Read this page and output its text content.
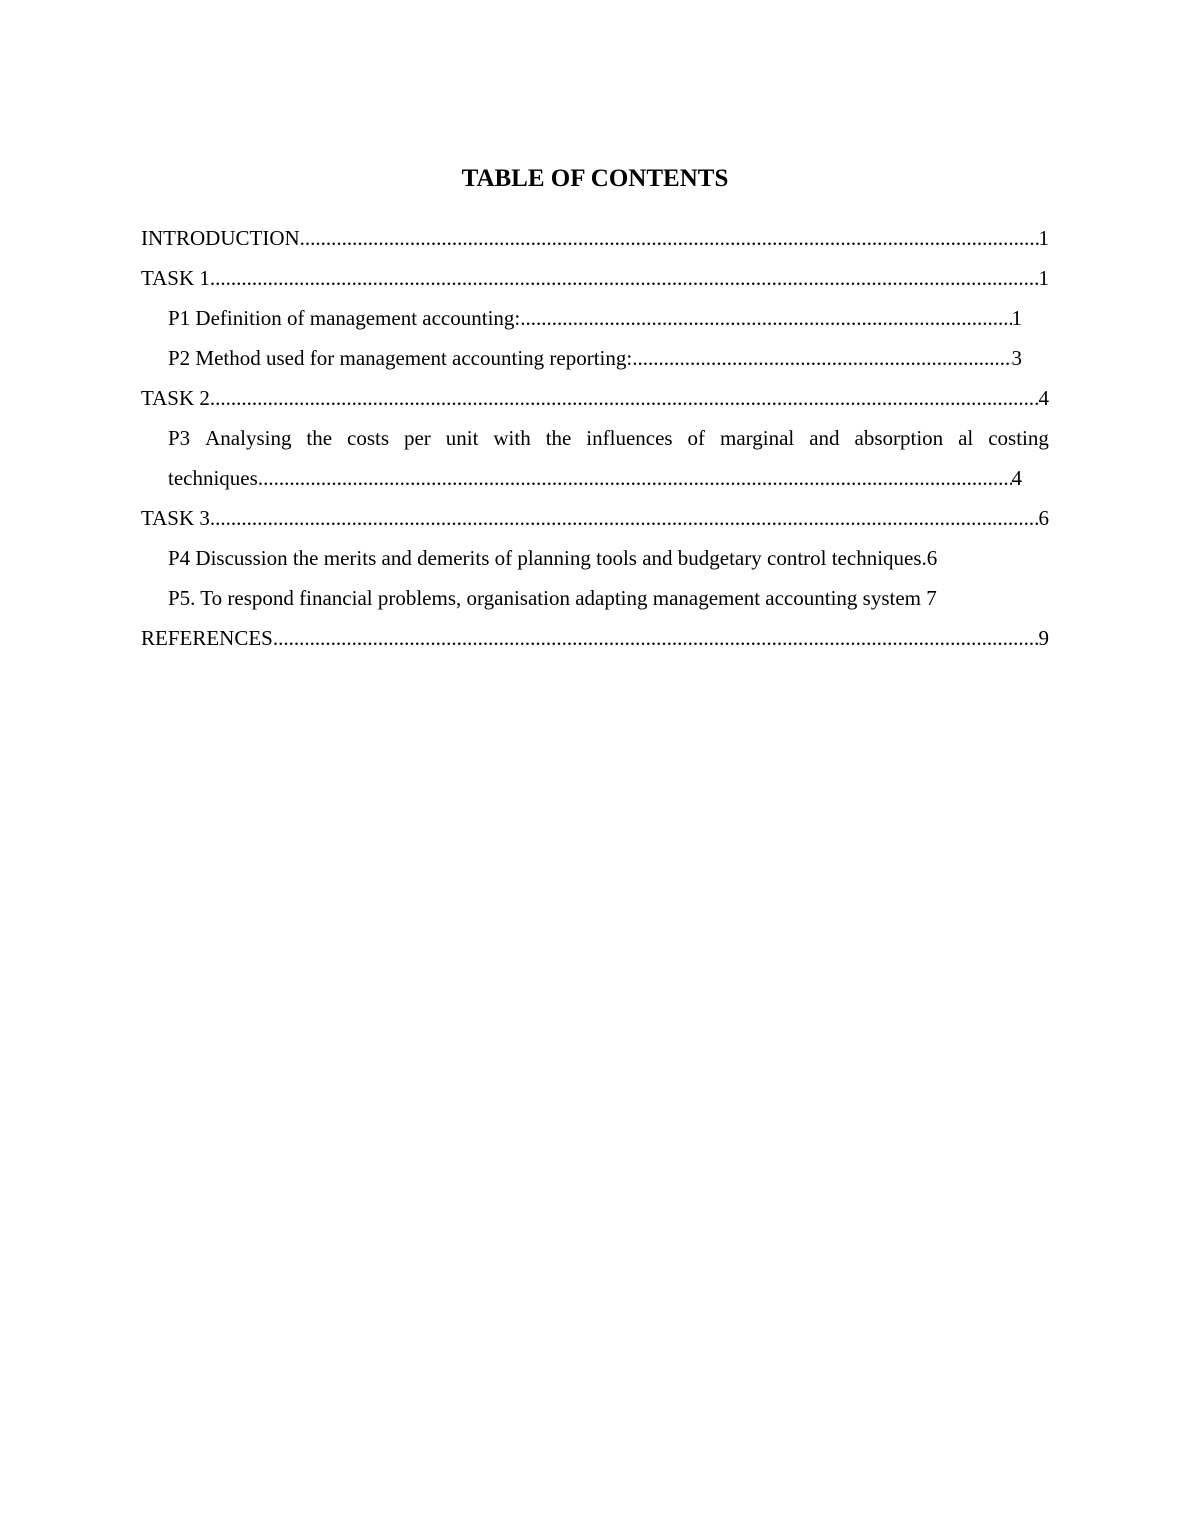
TABLE OF CONTENTS
INTRODUCTION .....	1
TASK 1 .....	1
P1 Definition of management accounting: .....	1
P2 Method used for management accounting reporting: .....	3
TASK 2 .....	4
P3 Analysing the costs per unit with the influences of marginal and absorption al costing
techniques .....	4
TASK 3 .....	6
P4 Discussion the merits and demerits of planning tools and budgetary control techniques. 6
P5. To respond financial problems, organisation adapting management accounting system 7
REFERENCES .....	9
